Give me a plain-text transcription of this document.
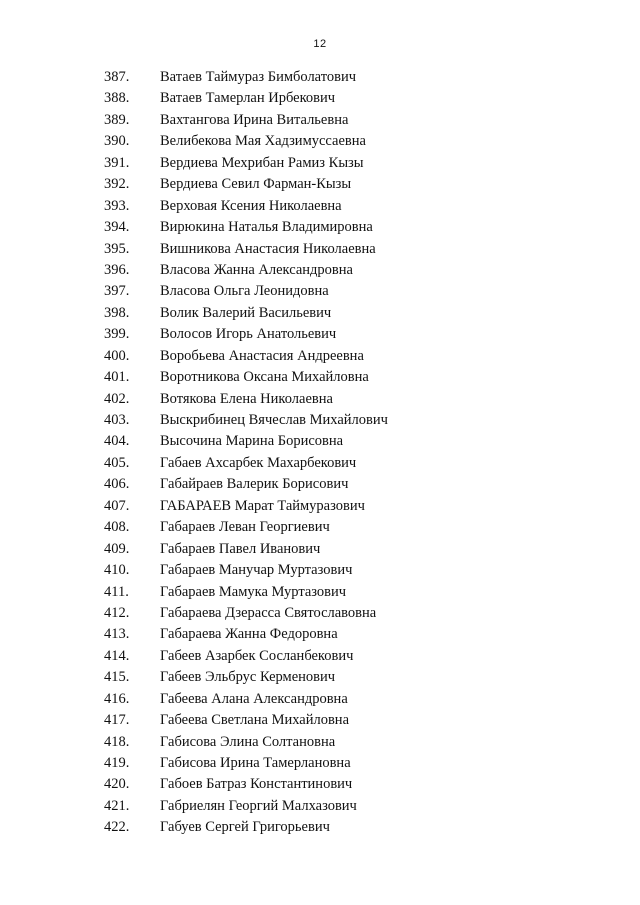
12
387.	Ватаев Таймураз Бимболатович
388.	Ватаев Тамерлан Ирбекович
389.	Вахтангова Ирина Витальевна
390.	Велибекова Мая Хадзимуссаевна
391.	Вердиева Мехрибан Рамиз Кызы
392.	Вердиева Севил Фарман-Кызы
393.	Верховая Ксения Николаевна
394.	Вирюкина Наталья Владимировна
395.	Вишникова Анастасия Николаевна
396.	Власова Жанна Александровна
397.	Власова Ольга Леонидовна
398.	Волик Валерий Васильевич
399.	Волосов Игорь Анатольевич
400.	Воробьева Анастасия Андреевна
401.	Воротникова Оксана Михайловна
402.	Вотякова Елена Николаевна
403.	Выскрибинец Вячеслав Михайлович
404.	Высочина Марина Борисовна
405.	Габаев Ахсарбек Махарбекович
406.	Габайраев Валерик Борисович
407.	ГАБАРАЕВ Марат Таймуразович
408.	Габараев Леван Георгиевич
409.	Габараев Павел Иванович
410.	Габараев Манучар Муртазович
411.	Габараев Мамука Муртазович
412.	Габараева Дзерасса Святославовна
413.	Габараева Жанна Федоровна
414.	Габеев Азарбек Сосланбекович
415.	Габеев Эльбрус Керменович
416.	Габеева Алана Александровна
417.	Габеева Светлана Михайловна
418.	Габисова Элина Солтановна
419.	Габисова Ирина Тамерлановна
420.	Габоев Батраз Константинович
421.	Габриелян Георгий Малхазович
422.	Габуев Сергей Григорьевич
